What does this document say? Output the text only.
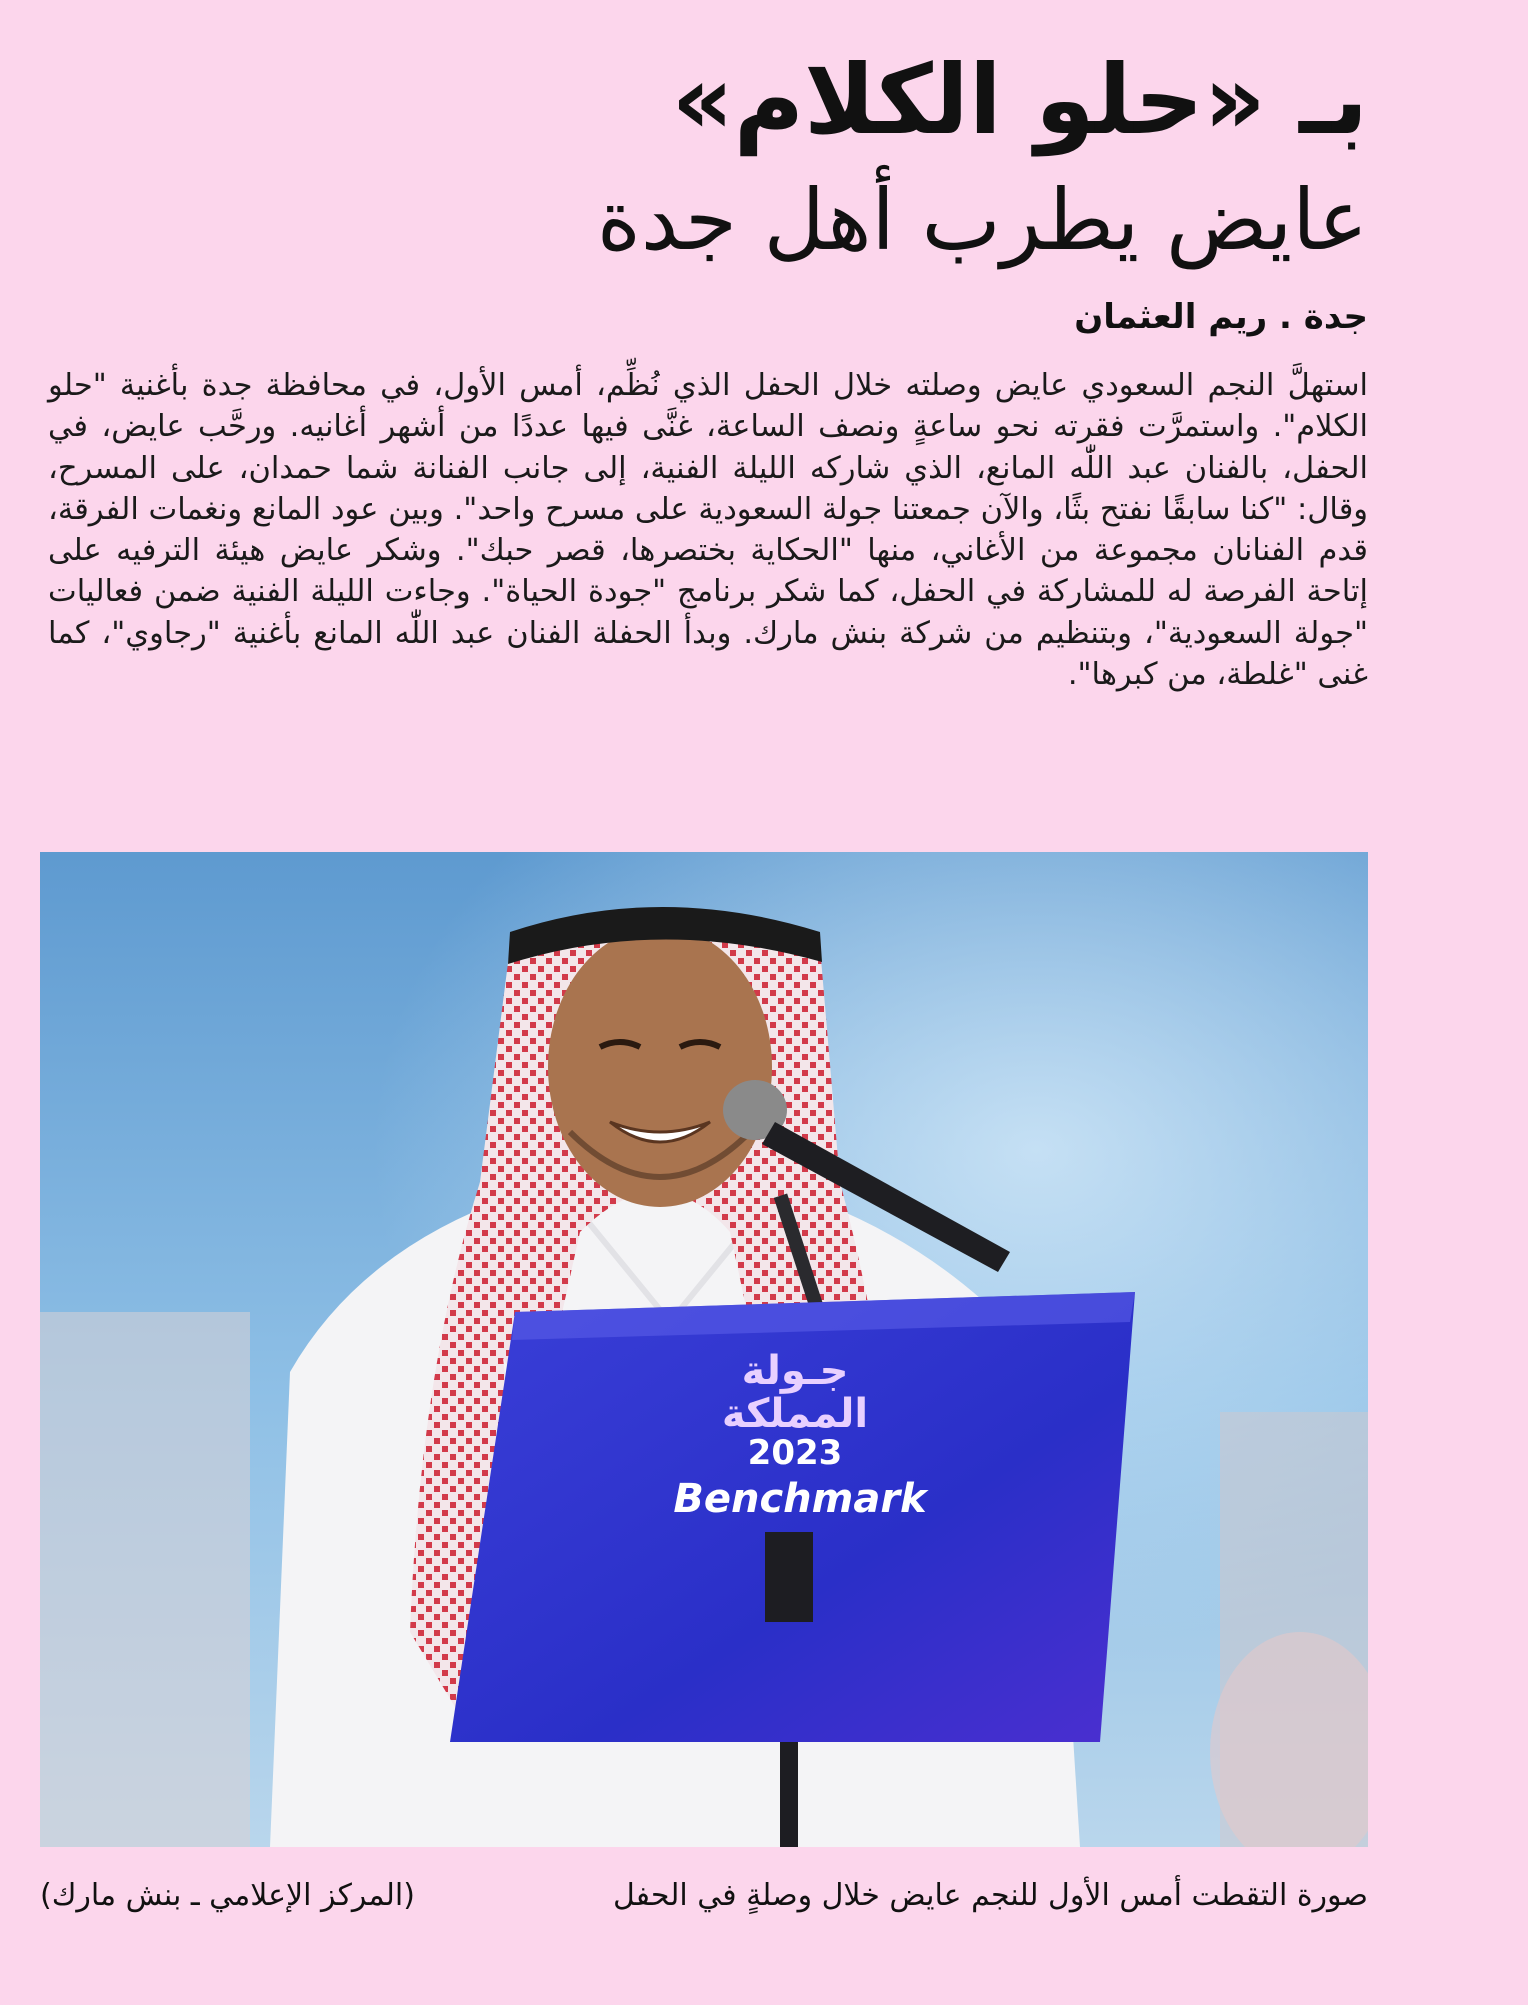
بـ «حلو الكلام»
عايض يطرب أهل جدة
جدة . ريم العثمان
استهلَّ النجم السعودي عايض وصلته خلال الحفل الذي نُظِّم، أمس الأول، في محافظة جدة بأغنية "حلو الكلام". واستمرَّت فقرته نحو ساعةٍ ونصف الساعة، غنَّى فيها عددًا من أشهر أغانيه. ورحَّب عايض، في الحفل، بالفنان عبد اللّٰه المانع، الذي شاركه الليلة الفنية، إلى جانب الفنانة شما حمدان، على المسرح، وقال: "كنا سابقًا نفتح بثًا، والآن جمعتنا جولة السعودية على مسرح واحد". وبين عود المانع ونغمات الفرقة، قدم الفنانان مجموعة من الأغاني، منها "الحكاية بختصرها، قصر حبك". وشكر عايض هيئة الترفيه على إتاحة الفرصة له للمشاركة في الحفل، كما شكر برنامج "جودة الحياة". وجاءت الليلة الفنية ضمن فعاليات "جولة السعودية"، وبتنظيم من شركة بنش مارك. وبدأ الحفلة الفنان عبد اللّٰه المانع بأغنية "رجاوي"، كما غنى "غلطة، من كبرها".
جـولة
المملكة
2023
Benchmark
صورة التقطت أمس الأول للنجم عايض خلال وصلةٍ في الحفل
(المركز الإعلامي ـ بنش مارك)
